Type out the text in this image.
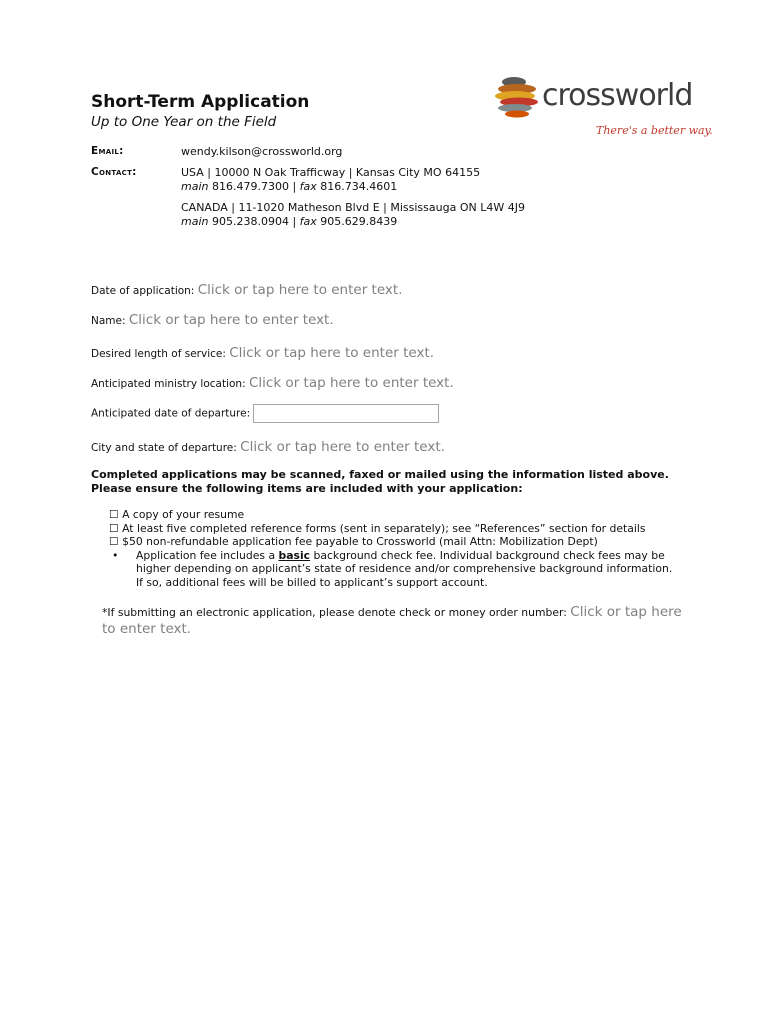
Short-Term Application
Up to One Year on the Field
crossworld
There's a better way.
Email:	wendy.kilson@crossworld.org
Contact:	USA | 10000 N Oak Trafficway | Kansas City MO 64155
main 816.479.7300 | fax 816.734.4601
CANADA | 11-1020 Matheson Blvd E | Mississauga ON L4W 4J9
main 905.238.0904 | fax 905.629.8439
Date of application: Click or tap here to enter text.
Name: Click or tap here to enter text.
Desired length of service: Click or tap here to enter text.
Anticipated ministry location: Click or tap here to enter text.
Anticipated date of departure:
City and state of departure: Click or tap here to enter text.
Completed applications may be scanned, faxed or mailed using the information listed above. Please ensure the following items are included with your application:
☐ A copy of your resume
☐ At least five completed reference forms (sent in separately); see “References” section for details
☐ $50 non-refundable application fee payable to Crossworld (mail Attn: Mobilization Dept)
• Application fee includes a basic background check fee. Individual background check fees may be higher depending on applicant’s state of residence and/or comprehensive background information. If so, additional fees will be billed to applicant’s support account.
*If submitting an electronic application, please denote check or money order number: Click or tap here to enter text.
